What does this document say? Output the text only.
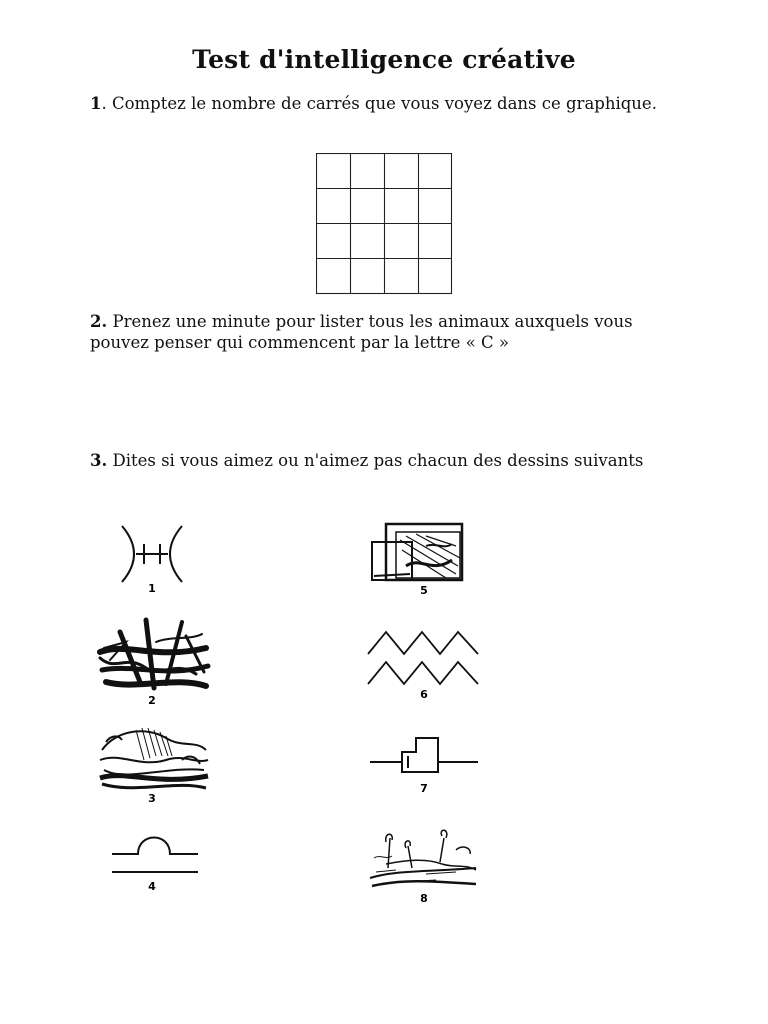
Test d'intelligence créative

1. Comptez le nombre de carrés que vous voyez dans ce graphique.

2. Prenez une minute pour lister tous les animaux auxquels vous pouvez penser qui commencent par la lettre « C »

3. Dites si vous aimez ou n'aimez pas chacun des dessins suivants

1
2
3
4
5
6
7
8
